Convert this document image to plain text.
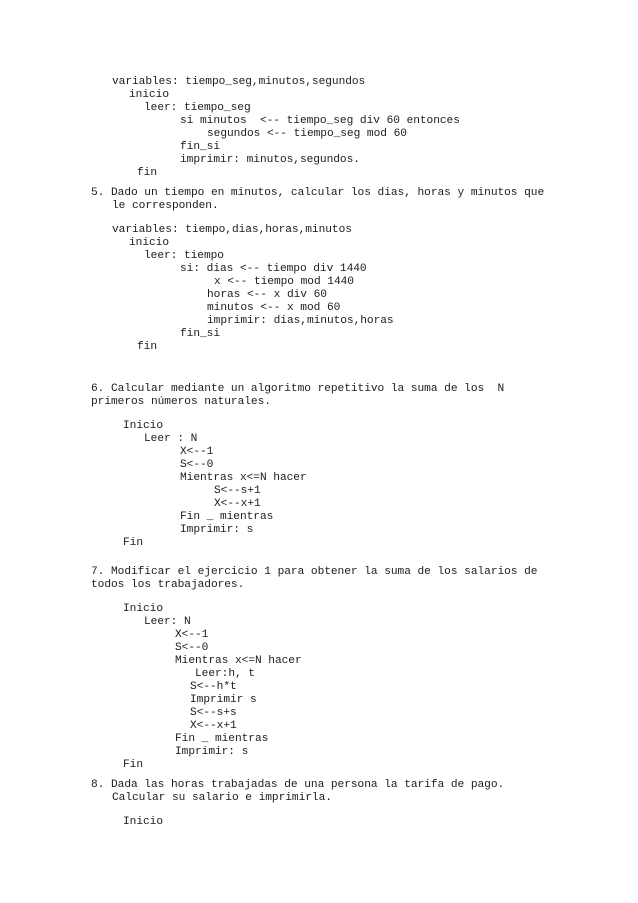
variables: tiempo_seg,minutos,segundos
inicio
leer: tiempo_seg
si minutos  <-- tiempo_seg div 60 entonces
segundos <-- tiempo_seg mod 60
fin_si
imprimir: minutos,segundos.
fin
5. Dado un tiempo en minutos, calcular los dias, horas y minutos que
le corresponden.
variables: tiempo,dias,horas,minutos
inicio
leer: tiempo
si: dias <-- tiempo div 1440
x <-- tiempo mod 1440
horas <-- x div 60
minutos <-- x mod 60
imprimir: dias,minutos,horas
fin_si
fin
6. Calcular mediante un algoritmo repetitivo la suma de los  N
primeros números naturales.
Inicio
Leer : N
X<--1
S<--0
Mientras x<=N hacer
S<--s+1
X<--x+1
Fin _ mientras
Imprimir: s
Fin
7. Modificar el ejercicio 1 para obtener la suma de los salarios de
todos los trabajadores.
Inicio
Leer: N
X<--1
S<--0
Mientras x<=N hacer
Leer:h, t
S<--h*t
Imprimir s
S<--s+s
X<--x+1
Fin _ mientras
Imprimir: s
Fin
8. Dada las horas trabajadas de una persona la tarifa de pago.
Calcular su salario e imprimirla.
Inicio
